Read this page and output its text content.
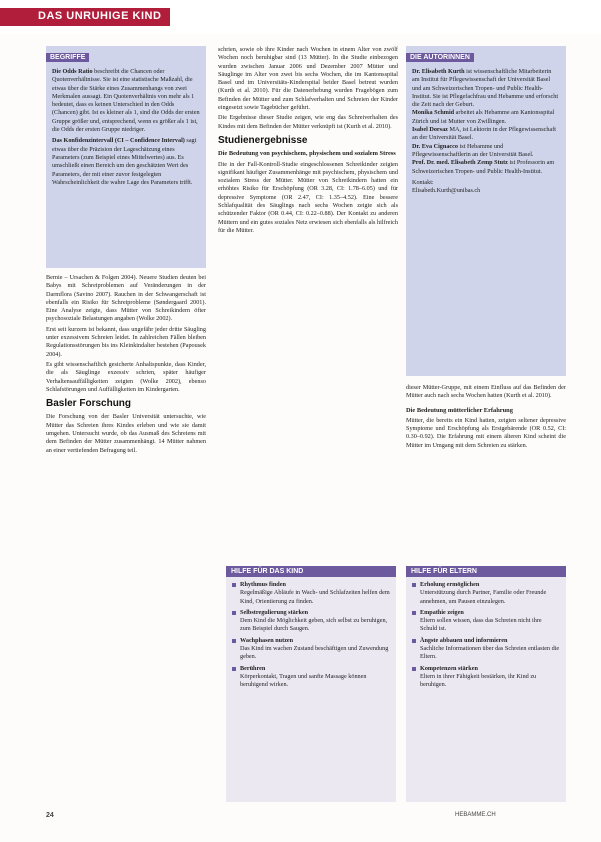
DAS UNRUHIGE KIND
BEGRIFFE

Die Odds Ratio beschreibt die Chancen oder Quotenverhältnisse. Sie ist eine statistische Maßzahl, die etwas über die Stärke eines Zusammenhangs von zwei Merkmalen aussagt. Ein Quotenverhältnis von mehr als 1 bedeutet, dass es keinen Unterschied in den Odds (Chancen) gibt. Ist es kleiner als 1, sind die Odds der ersten Gruppe größer und, entsprechend, wenn es größer als 1 ist, die Odds der ersten Gruppe niedriger.

Das Konfidenzintervall (CI – Confidence Interval) sagt etwas über die Präzision der Lageschätzung eines Parameters (zum Beispiel eines Mittelwertes) aus. Es umschließt einen Bereich um den geschätzten Wert des Parameters, der mit einer zuvor festgelegten Wahrscheinlichkeit die wahre Lage des Parameters trifft.

Bernie – Ursachen & Folgen 2004). Neuere Studien deuten bei Babys mit Schreiproblemen auf Veränderungen in der Darmflora (Savino 2007). Rauchen in der Schwangerschaft ist ebenfalls ein Risiko für Schreiprobleme (Søndergaard 2001). Eine Analyse zeigte, dass Mütter von Schreikindern öfter psychosoziale Belastungen angaben (Wolke 2002).

Erst seit kurzem ist bekannt, dass ungefähr jeder dritte Säugling unter exzessivem Schreien leidet. In zahlreichen Fällen bleiben Regulationsstörungen bis ins Kleinkindalter bestehen (Papousek 2004).

Es gibt wissenschaftlich gesicherte Anhaltspunkte, dass Kinder, die als Säuglinge exzessiv schrien, später häufiger Verhaltensauffälligkeiten zeigten (Wolke 2002), ebenso Schlafstörungen und Auffälligkeiten im Kindergarten.

Basler Forschung

Die Forschung von der Basler Universität untersuchte, wie Mütter das Schreien ihres Kindes erleben und wie sie damit umgehen. Untersucht wurde, ob das Ausmaß des Schreiens mit dem Befinden der Mütter zusammenhängt. 14 Mütter nahmen an einer vertiefenden Befragung teil.

schrien, sowie ob ihre Kinder nach Wochen in einem Alter von zwölf Wochen noch beruhigbar sind (13 Mütter). In die Studie einbezogen wurden zwischen Januar 2006 und Dezember 2007 Mütter und Säuglinge im Alter von zwei bis sechs Wochen, die im Kantonsspital Basel und im Universitäts-Kinderspital beider Basel betreut wurden (Kurth et al. 2010). Für die Datenerhebung wurden Fragebögen zum Befinden der Mütter und zum Schlafverhalten und Schreien der Kinder eingesetzt sowie Tagebücher geführt.

Die Ergebnisse dieser Studie zeigen, wie eng das Schreiverhalten des Kindes mit dem Befinden der Mütter verknüpft ist (Kurth et al. 2010).

Studienergebnisse

Die Bedeutung von psychischem, physischem und sozialem Stress

Die in der Fall-Kontroll-Studie eingeschlossenen Schreikinder zeigten signifikant häufiger Zusammenhänge mit psychischem, physischem und sozialem Stress der Mütter. Mütter von Schreikindern hatten ein erhöhtes Risiko für Erschöpfung (OR 3.28, CI: 1.78–6.05) und für depressive Symptome (OR 2.47, CI: 1.35–4.52). Eine bessere Schlafqualität des Säuglings nach sechs Wochen zeigte sich als schützender Faktor (OR 0.44, CI: 0.22–0.88). Der Kontakt zu anderen Müttern und ein gutes soziales Netz erwiesen sich ebenfalls als hilfreich für die Mütter.

DIE AUTORINNEN

Dr. Elisabeth Kurth ist wissenschaftliche Mitarbeiterin am Institut für Pflegewissenschaft der Universität Basel und am Schweizerischen Tropen- und Public Health-Institut. Sie ist Pflegefachfrau und Hebamme und erforscht die Zeit nach der Geburt.

Monika Schmid arbeitet als Hebamme am Kantonsspital Zürich und ist Mutter von Zwillingen.

Isabel Dorsaz MA, ist Lektorin in der Pflegewissenschaft an der Universität Basel.

Dr. Eva Cignacco ist Hebamme und Pflegewissenschaftlerin an der Universität Basel.

Prof. Dr. med. Elisabeth Zemp Stutz ist Professorin am Schweizerischen Tropen- und Public Health-Institut.

Kontakt:

Elisabeth.Kurth@unibas.ch

dieser Mütter-Gruppe, mit einem Einfluss auf das Befinden der Mütter auch nach sechs Wochen hatten (Kurth et al. 2010).

Die Bedeutung mütterlicher Erfahrung

Mütter, die bereits ein Kind hatten, zeigten seltener depressive Symptome und Erschöpfung als Erstgebärende (OR 0.52, CI: 0.30–0.92). Die Erfahrung mit einem älteren Kind scheint die Mütter im Umgang mit dem Schreien zu stärken.

HILFE FÜR DAS KIND
Rhythmus finden
Regelmäßige Abläufe in Wach- und Schlafzeiten helfen dem Kind, Orientierung zu finden.
Selbstregulierung stärken
Dem Kind die Möglichkeit geben, sich selbst zu beruhigen, zum Beispiel durch Saugen.
Wachphasen nutzen
Das Kind im wachen Zustand beschäftigen und Zuwendung geben.
Berühren
Körperkontakt, Tragen und sanfte Massage können beruhigend wirken.
HILFE FÜR ELTERN
Erholung ermöglichen
Unterstützung durch Partner, Familie oder Freunde annehmen, um Pausen einzulegen.
Empathie zeigen
Eltern sollen wissen, dass das Schreien nicht ihre Schuld ist.
Ängste abbauen und informieren
Sachliche Informationen über das Schreien entlasten die Eltern.
Kompetenzen stärken
Eltern in ihrer Fähigkeit bestärken, ihr Kind zu beruhigen.
24	HEBAMME.CH
